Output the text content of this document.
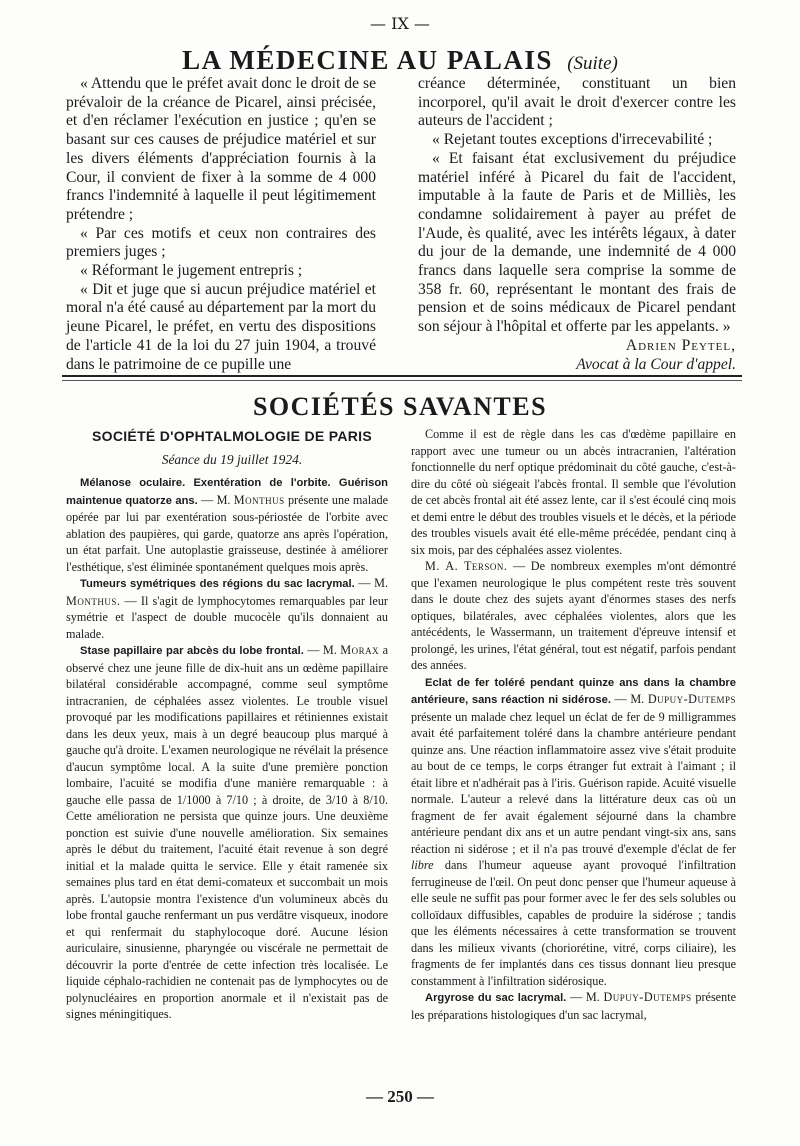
— IX —
LA MÉDECINE AU PALAIS (Suite)

« Attendu que le préfet avait donc le droit de se prévaloir de la créance de Picarel, ainsi précisée, et d'en réclamer l'exécution en justice ; qu'en se basant sur ces causes de préjudice matériel et sur les divers éléments d'appréciation fournis à la Cour, il convient de fixer à la somme de 4 000 francs l'indemnité à laquelle il peut légitimement prétendre ;

« Par ces motifs et ceux non contraires des premiers juges ;

« Réformant le jugement entrepris ;

« Dit et juge que si aucun préjudice matériel et moral n'a été causé au département par la mort du jeune Picarel, le préfet, en vertu des dispositions de l'article 41 de la loi du 27 juin 1904, a trouvé dans le patrimoine de ce pupille une

créance déterminée, constituant un bien incorporel, qu'il avait le droit d'exercer contre les auteurs de l'accident ;

« Rejetant toutes exceptions d'irrecevabilité ;

« Et faisant état exclusivement du préjudice matériel inféré à Picarel du fait de l'accident, imputable à la faute de Paris et de Milliès, les condamne solidairement à payer au préfet de l'Aude, ès qualité, avec les intérêts légaux, à dater du jour de la demande, une indemnité de 4 000 francs dans laquelle sera comprise la somme de 358 fr. 60, représentant le montant des frais de pension et de soins médicaux de Picarel pendant son séjour à l'hôpital et offerte par les appelants. »

Adrien Peytel,

Avocat à la Cour d'appel.

SOCIÉTÉS SAVANTES
SOCIÉTÉ D'OPHTALMOLOGIE DE PARIS
Séance du 19 juillet 1924.

Mélanose oculaire. Exentération de l'orbite. Guérison maintenue quatorze ans. — M. Monthus présente une malade opérée par lui par exentération sous-périostée de l'orbite avec ablation des paupières, qui garde, quatorze ans après l'opération, un état parfait. Une autoplastie graisseuse, destinée à améliorer l'esthétique, s'est éliminée spontanément quelques mois après.

Tumeurs symétriques des régions du sac lacrymal. — M. Monthus. — Il s'agit de lymphocytomes remarquables par leur symétrie et l'aspect de double mucocèle qu'ils donnaient au malade.

Stase papillaire par abcès du lobe frontal. — M. Morax a observé chez une jeune fille de dix-huit ans un œdème papillaire bilatéral considérable accompagné, comme seul symptôme intracranien, de céphalées assez violentes. Le trouble visuel provoqué par les modifications papillaires et rétiniennes existait dans les deux yeux, mais à un degré beaucoup plus marqué à gauche qu'à droite. L'examen neurologique ne révélait la présence d'aucun symptôme local. A la suite d'une première ponction lombaire, l'acuité se modifia d'une manière remarquable : à gauche elle passa de 1/1000 à 7/10 ; à droite, de 3/10 à 8/10. Cette amélioration ne persista que quinze jours. Une deuxième ponction est suivie d'une nouvelle amélioration. Six semaines après le début du traitement, l'acuité était revenue à son degré initial et la malade quitta le service. Elle y était ramenée six semaines plus tard en état demi-comateux et succombait un mois après. L'autopsie montra l'existence d'un volumineux abcès du lobe frontal gauche renfermant un pus verdâtre visqueux, inodore et qui renfermait du staphylocoque doré. Aucune lésion auriculaire, sinusienne, pharyngée ou viscérale ne permettait de découvrir la porte d'entrée de cette infection très localisée. Le liquide céphalo-rachidien ne contenait pas de lymphocytes ou de polynucléaires en proportion anormale et il n'existait pas de signes méningitiques.

Comme il est de règle dans les cas d'œdème papillaire en rapport avec une tumeur ou un abcès intracranien, l'altération fonctionnelle du nerf optique prédominait du côté gauche, c'est-à-dire du côté où siégeait l'abcès frontal. Il semble que l'évolution de cet abcès frontal ait été assez lente, car il s'est écoulé cinq mois et demi entre le début des troubles visuels et le décès, et la période des troubles visuels avait été elle-même précédée, pendant cinq à six mois, par des céphalées assez violentes.

M. A. Terson. — De nombreux exemples m'ont démontré que l'examen neurologique le plus compétent reste très souvent dans le doute chez des sujets ayant d'énormes stases des nerfs optiques, bilatérales, avec céphalées violentes, alors que les antécédents, le Wassermann, un traitement d'épreuve intensif et prolongé, les urines, l'état général, tout est négatif, parfois pendant des années.

Eclat de fer toléré pendant quinze ans dans la chambre antérieure, sans réaction ni sidérose. — M. Dupuy-Dutemps présente un malade chez lequel un éclat de fer de 9 milligrammes avait été parfaitement toléré dans la chambre antérieure pendant quinze ans. Une réaction inflammatoire assez vive s'était produite au bout de ce temps, le corps étranger fut extrait à l'aimant ; il était libre et n'adhérait pas à l'iris. Guérison rapide. Acuité visuelle normale. L'auteur a relevé dans la littérature deux cas où un fragment de fer avait également séjourné dans la chambre antérieure pendant dix ans et un autre pendant vingt-six ans, sans réaction ni sidérose ; et il n'a pas trouvé d'exemple d'éclat de fer libre dans l'humeur aqueuse ayant provoqué l'infiltration ferrugineuse de l'œil. On peut donc penser que l'humeur aqueuse à elle seule ne suffit pas pour former avec le fer des sels solubles ou colloïdaux diffusibles, capables de produire la sidérose ; tandis que les éléments nécessaires à cette transformation se trouvent dans les milieux vivants (choriorétine, vitré, corps ciliaire), les fragments de fer implantés dans ces tissus donnant lieu presque constamment à l'infiltration sidérosique.

Argyrose du sac lacrymal. — M. Dupuy-Dutemps présente les préparations histologiques d'un sac lacrymal,

— 250 —
